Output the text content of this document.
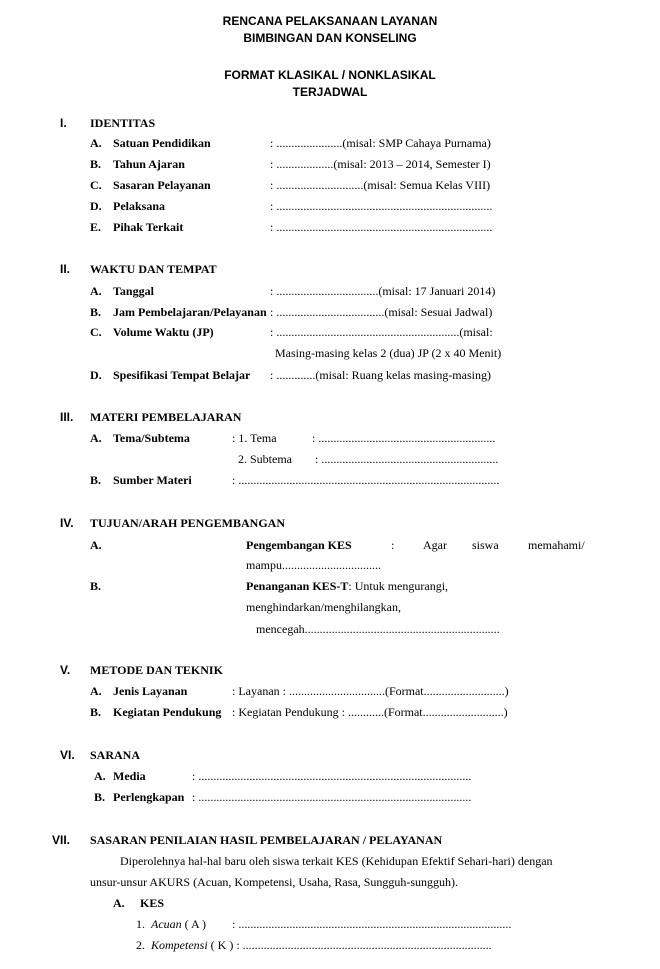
RENCANA PELAKSANAAN LAYANAN
BIMBINGAN DAN KONSELING
FORMAT KLASIKAL / NONKLASIKAL
TERJADWAL
I. IDENTITAS
A. Satuan Pendidikan	: ......................(misal: SMP Cahaya Purnama)
B. Tahun Ajaran	: ...................(misal: 2013 – 2014, Semester I)
C. Sasaran Pelayanan	: .............................(misal: Semua Kelas VIII)
D. Pelaksana	: ........................................................................
E. Pihak Terkait	: ........................................................................
II. WAKTU DAN TEMPAT
A. Tanggal	: ..................................(misal: 17 Januari 2014)
B. Jam Pembelajaran/Pelayanan : ....................................(misal: Sesuai Jadwal)
C. Volume Waktu (JP)	: .............................................................(misal:
Masing-masing kelas 2 (dua) JP (2 x 40 Menit)
D. Spesifikasi Tempat Belajar : .............(misal: Ruang kelas masing-masing)
III. MATERI PEMBELAJARAN
A. Tema/Subtema	: 1. Tema	: ...........................................................
2. Subtema : ...........................................................
B. Sumber Materi	: .......................................................................................
IV. TUJUAN/ARAH PENGEMBANGAN
A.	Pengembangan KES	: Agar siswa memahami/
mampu.................................
B.	Penanganan KES-T: Untuk mengurangi,
menghindarkan/menghilangkan,
mencegah.................................................................
V. METODE DAN TEKNIK
A. Jenis Layanan	: Layanan : ................................(Format...........................)
B. Kegiatan Pendukung : Kegiatan Pendukung : ............(Format...........................)
VI. SARANA
A. Media	: ...........................................................................................
B. Perlengkapan : ...........................................................................................
VII. SASARAN PENILAIAN HASIL PEMBELAJARAN / PELAYANAN
Diperolehnya hal-hal baru oleh siswa terkait KES (Kehidupan Efektif Sehari-hari) dengan
unsur-unsur AKURS (Acuan, Kompetensi, Usaha, Rasa, Sungguh-sungguh).
A. KES
1. Acuan ( A ) : ...........................................................................................
2. Kompetensi ( K ) : ...................................................................................
